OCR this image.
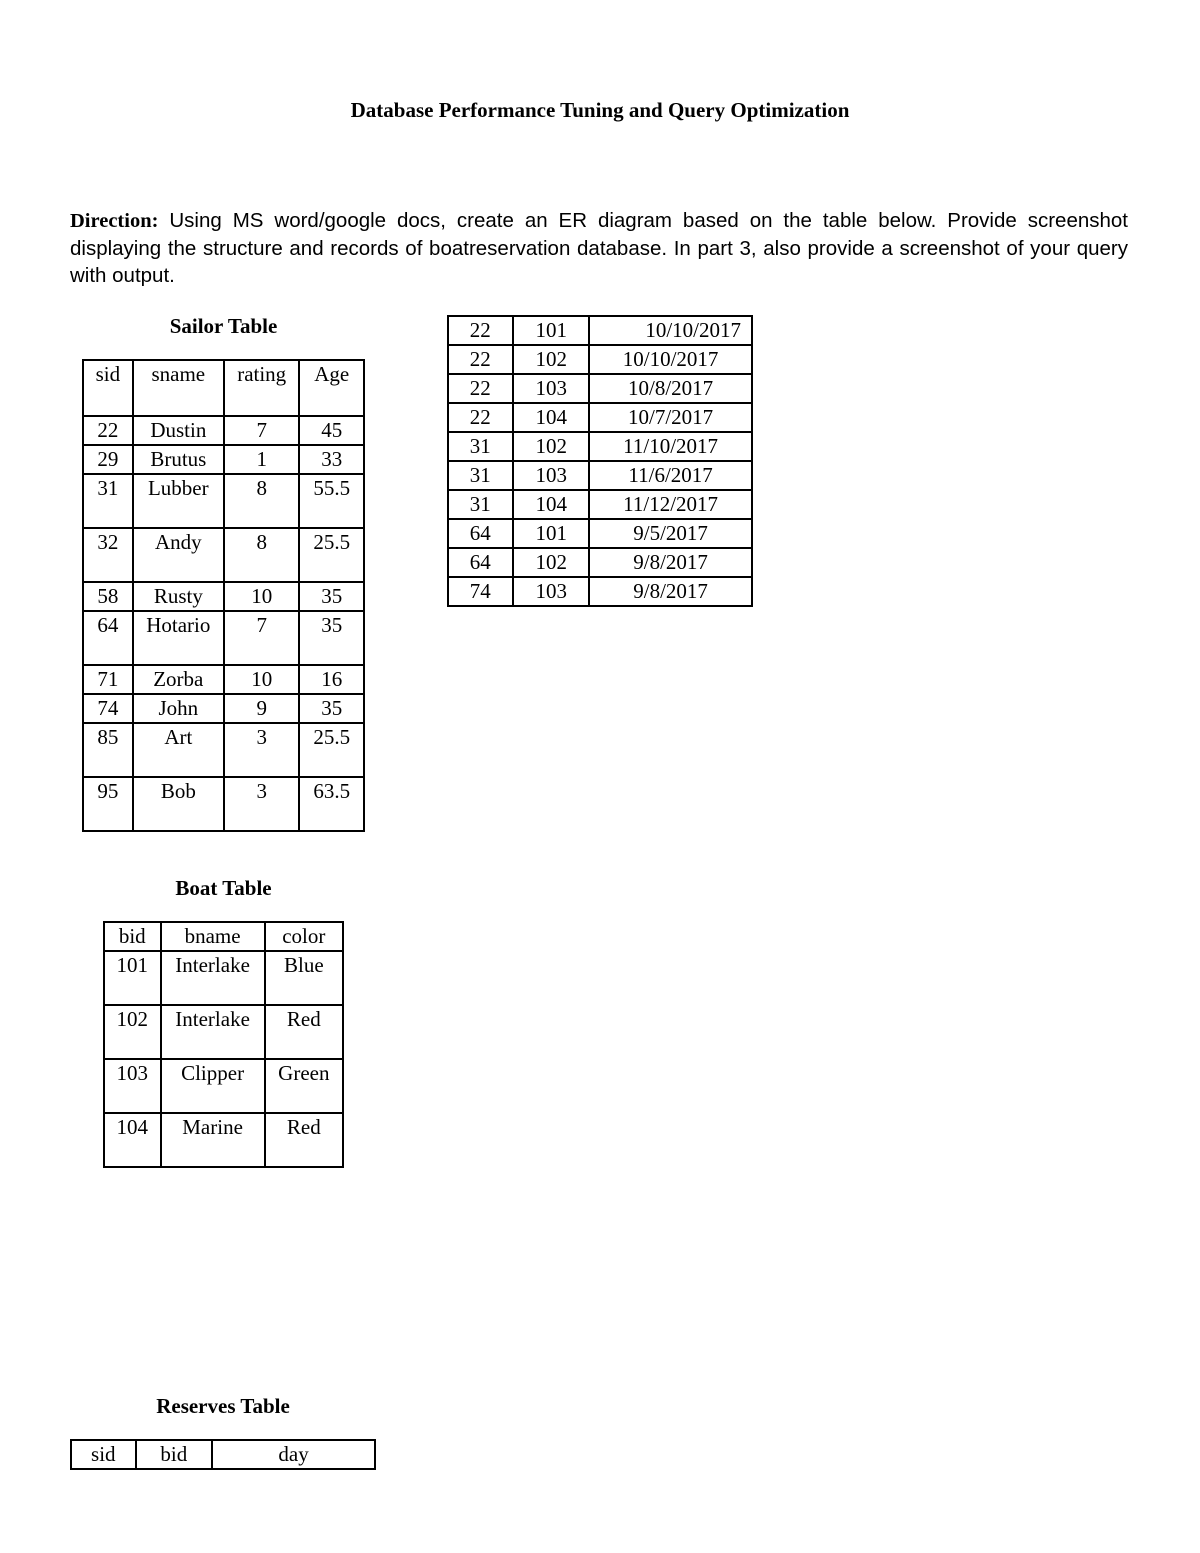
Database Performance Tuning and Query Optimization
Direction: Using MS word/google docs, create an ER diagram based on the table below. Provide screenshot displaying the structure and records of boatreservation database. In part 3, also provide a screenshot of your query with output.
Sailor Table
sid	sname	rating	Age
22	Dustin	7	45
29	Brutus	1	33
31	Lubber	8	55.5
32	Andy	8	25.5
58	Rusty	10	35
64	Hotario	7	35
71	Zorba	10	16
74	John	9	35
85	Art	3	25.5
95	Bob	3	63.5
22	101	10/10/2017
22	102	10/10/2017
22	103	10/8/2017
22	104	10/7/2017
31	102	11/10/2017
31	103	11/6/2017
31	104	11/12/2017
64	101	9/5/2017
64	102	9/8/2017
74	103	9/8/2017
Boat Table
bid	bname	color
101	Interlake	Blue
102	Interlake	Red
103	Clipper	Green
104	Marine	Red
Reserves Table
sid	bid	day
